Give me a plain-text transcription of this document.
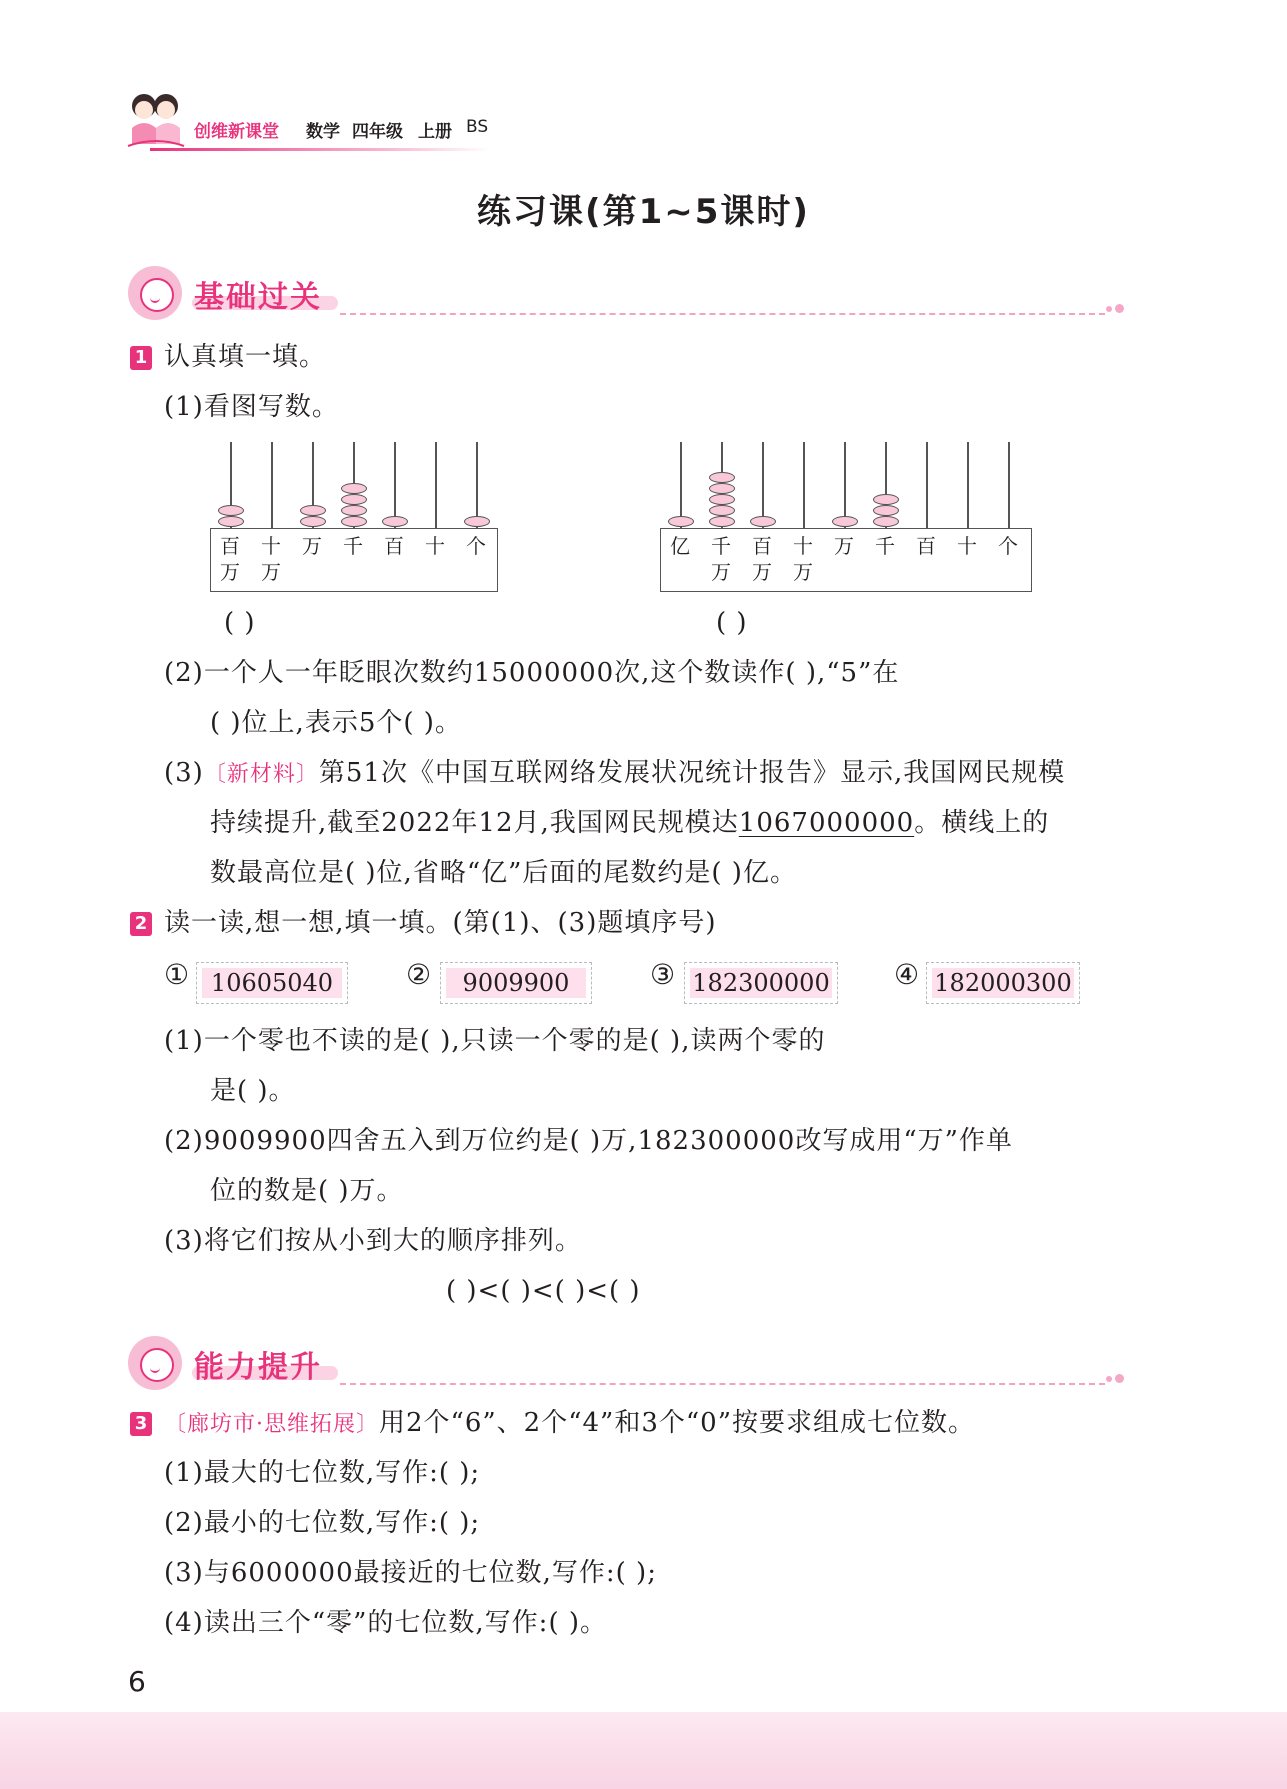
创维新课堂 数学 四年级 上册 BS
练习课(第1~5课时)
基础过关
1 认真填一填。
(1)看图写数。
百
万
十
万
万 千 百 十 个
( )
亿 千
万
百
万
十
万
万 千 百 十 个
( )
(2)一个人一年眨眼次数约15000000次,这个数读作( ),“5”在
( )位上,表示5个( )。
(3)〔新材料〕第51次《中国互联网络发展状况统计报告》显示,我国网民规模
持续提升,截至2022年12月,我国网民规模达1067000000。横线上的
数最高位是( )位,省略“亿”后面的尾数约是( )亿。
2 读一读,想一想,填一填。(第(1)、(3)题填序号)
① 10605040	②	9009900	③ 182300000 ④ 182000300
(1)一个零也不读的是( ),只读一个零的是( ),读两个零的
是( )。
(2)9009900四舍五入到万位约是( )万,182300000改写成用“万”作单
位的数是( )万。
(3)将它们按从小到大的顺序排列。
( )<( )<( )<( )
能力提升
3 〔廊坊市·思维拓展〕用2个“6”、2个“4”和3个“0”按要求组成七位数。
(1)最大的七位数,写作:( );
(2)最小的七位数,写作:( );
(3)与6000000最接近的七位数,写作:( );
(4)读出三个“零”的七位数,写作:( )。
6
